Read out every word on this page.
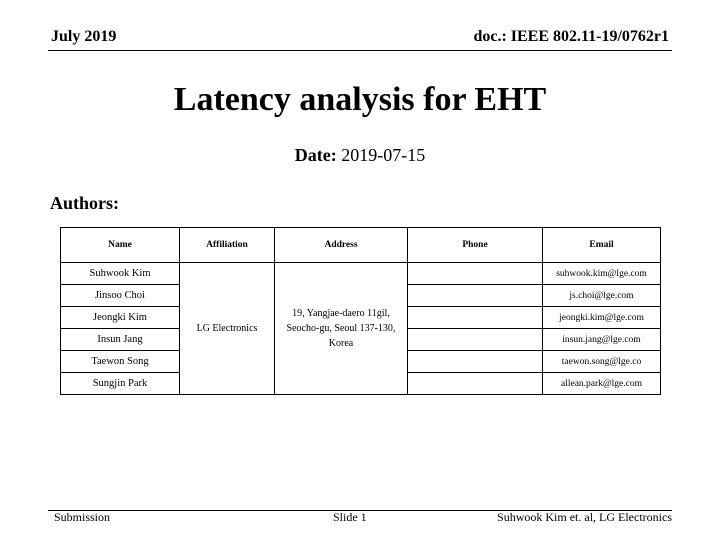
July 2019	doc.: IEEE 802.11-19/0762r1
Latency analysis for EHT
Date: 2019-07-15
Authors:
Name	Affiliation	Address	Phone	Email
Suhwook Kim	LG Electronics	19, Yangjae-daero 11gil, Seocho-gu, Seoul 137-130, Korea		suhwook.kim@lge.com
Jinsoo Choi				js.choi@lge.com
Jeongki Kim				jeongki.kim@lge.com
Insun Jang				insun.jang@lge.com
Taewon Song				taewon.song@lge.co
Sungjin Park				allean.park@lge.com
Submission	Slide 1	Suhwook Kim et. al, LG Electronics
